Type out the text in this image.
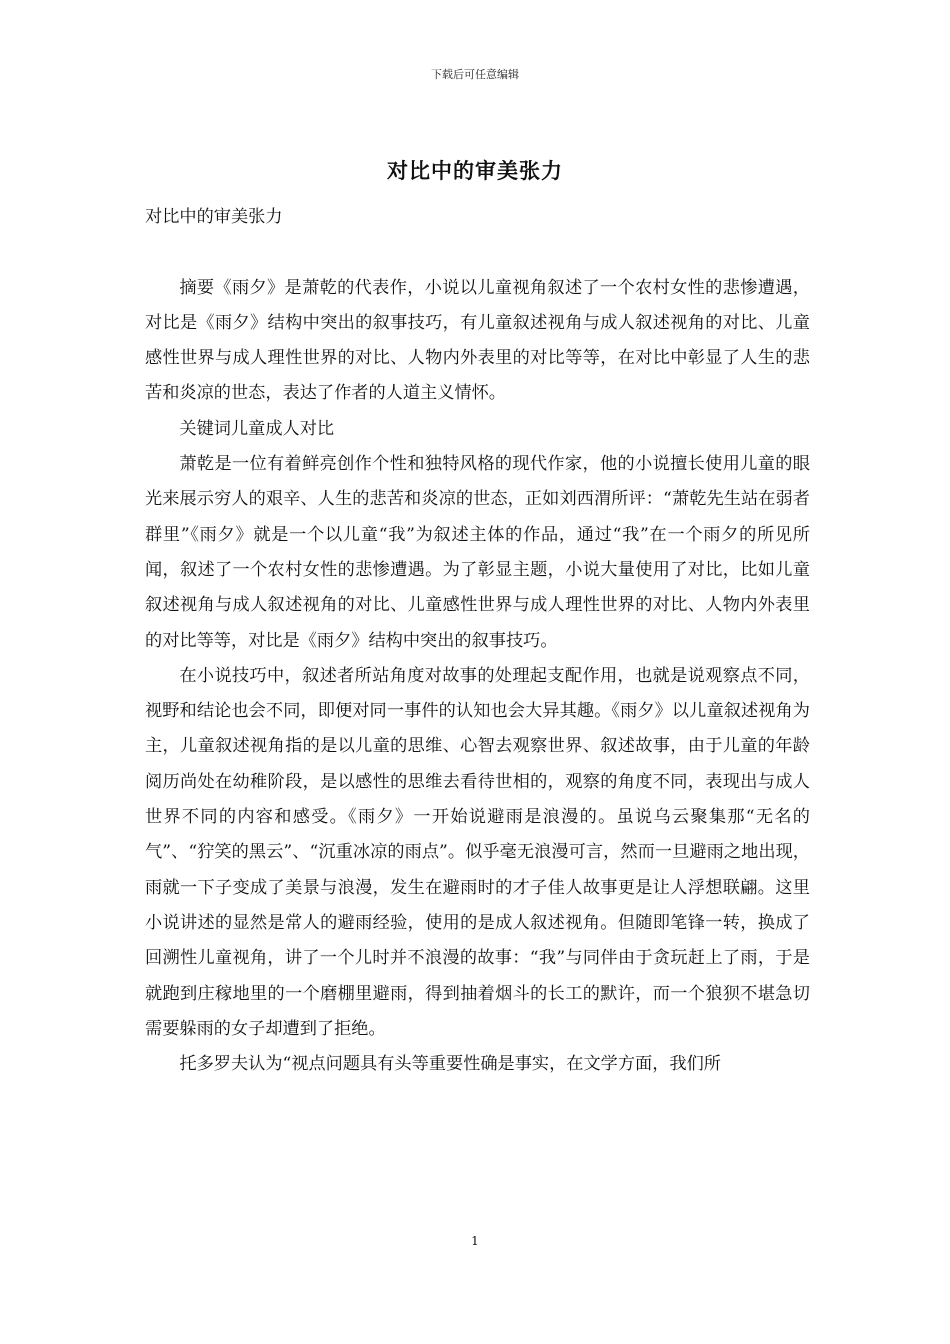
下载后可任意编辑
对比中的审美张力

对比中的审美张力

摘要《雨夕》是萧乾的代表作，小说以儿童视角叙述了一个农村女性的悲惨遭遇，对比是《雨夕》结构中突出的叙事技巧，有儿童叙述视角与成人叙述视角的对比、儿童感性世界与成人理性世界的对比、人物内外表里的对比等等，在对比中彰显了人生的悲苦和炎凉的世态，表达了作者的人道主义情怀。

关键词儿童成人对比

萧乾是一位有着鲜亮创作个性和独特风格的现代作家，他的小说擅长使用儿童的眼光来展示穷人的艰辛、人生的悲苦和炎凉的世态，正如刘西渭所评：“萧乾先生站在弱者群里”《雨夕》就是一个以儿童“我”为叙述主体的作品，通过“我”在一个雨夕的所见所闻，叙述了一个农村女性的悲惨遭遇。为了彰显主题，小说大量使用了对比，比如儿童叙述视角与成人叙述视角的对比、儿童感性世界与成人理性世界的对比、人物内外表里的对比等等，对比是《雨夕》结构中突出的叙事技巧。

在小说技巧中，叙述者所站角度对故事的处理起支配作用，也就是说观察点不同，视野和结论也会不同，即便对同一事件的认知也会大异其趣。《雨夕》以儿童叙述视角为主，儿童叙述视角指的是以儿童的思维、心智去观察世界、叙述故事，由于儿童的年龄阅历尚处在幼稚阶段，是以感性的思维去看待世相的，观察的角度不同，表现出与成人世界不同的内容和感受。《雨夕》一开始说避雨是浪漫的。虽说乌云聚集那“无名的气”、“狞笑的黑云”、“沉重冰凉的雨点”。似乎毫无浪漫可言，然而一旦避雨之地出现，雨就一下子变成了美景与浪漫，发生在避雨时的才子佳人故事更是让人浮想联翩。这里小说讲述的显然是常人的避雨经验，使用的是成人叙述视角。但随即笔锋一转，换成了回溯性儿童视角，讲了一个儿时并不浪漫的故事：“我”与同伴由于贪玩赶上了雨，于是就跑到庄稼地里的一个磨棚里避雨，得到抽着烟斗的长工的默许，而一个狼狈不堪急切需要躲雨的女子却遭到了拒绝。

托多罗夫认为“视点问题具有头等重要性确是事实，在文学方面，我们所

1
